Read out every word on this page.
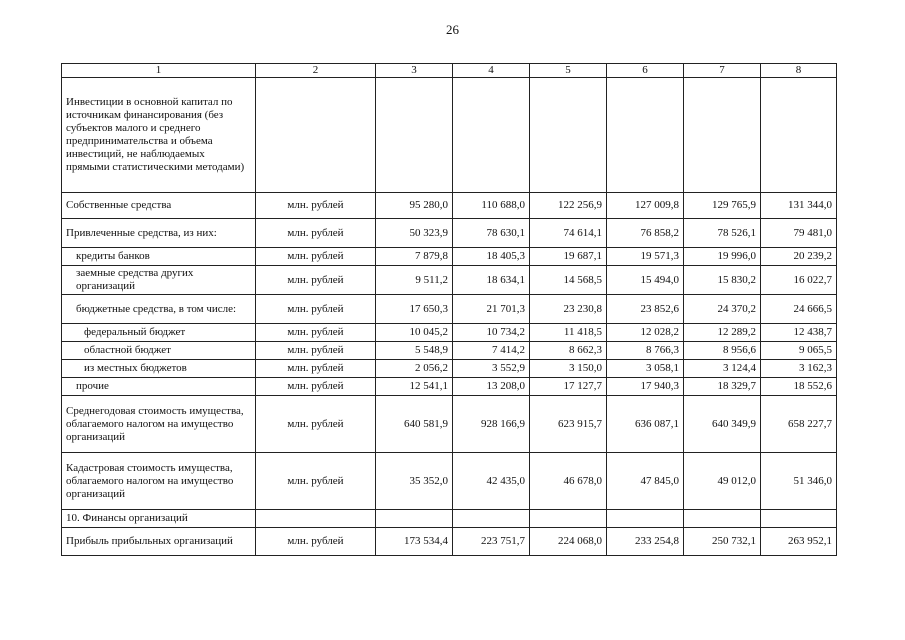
26
1	2	3	4	5	6	7	8
Инвестиции в основной капитал по источникам финансирования (без субъектов малого и среднего предпринимательства и объема инвестиций, не наблюдаемых прямыми статистическими методами)							
Собственные средства	млн. рублей	95 280,0	110 688,0	122 256,9	127 009,8	129 765,9	131 344,0
Привлеченные средства, из них:	млн. рублей	50 323,9	78 630,1	74 614,1	76 858,2	78 526,1	79 481,0
кредиты банков	млн. рублей	7 879,8	18 405,3	19 687,1	19 571,3	19 996,0	20 239,2
заемные средства других организаций	млн. рублей	9 511,2	18 634,1	14 568,5	15 494,0	15 830,2	16 022,7
бюджетные средства, в том числе:	млн. рублей	17 650,3	21 701,3	23 230,8	23 852,6	24 370,2	24 666,5
федеральный бюджет	млн. рублей	10 045,2	10 734,2	11 418,5	12 028,2	12 289,2	12 438,7
областной бюджет	млн. рублей	5 548,9	7 414,2	8 662,3	8 766,3	8 956,6	9 065,5
из местных бюджетов	млн. рублей	2 056,2	3 552,9	3 150,0	3 058,1	3 124,4	3 162,3
прочие	млн. рублей	12 541,1	13 208,0	17 127,7	17 940,3	18 329,7	18 552,6
Среднегодовая стоимость имущества, облагаемого налогом на имущество организаций	млн. рублей	640 581,9	928 166,9	623 915,7	636 087,1	640 349,9	658 227,7
Кадастровая стоимость имущества, облагаемого налогом на имущество организаций	млн. рублей	35 352,0	42 435,0	46 678,0	47 845,0	49 012,0	51 346,0
10. Финансы организаций							
Прибыль прибыльных организаций	млн. рублей	173 534,4	223 751,7	224 068,0	233 254,8	250 732,1	263 952,1
